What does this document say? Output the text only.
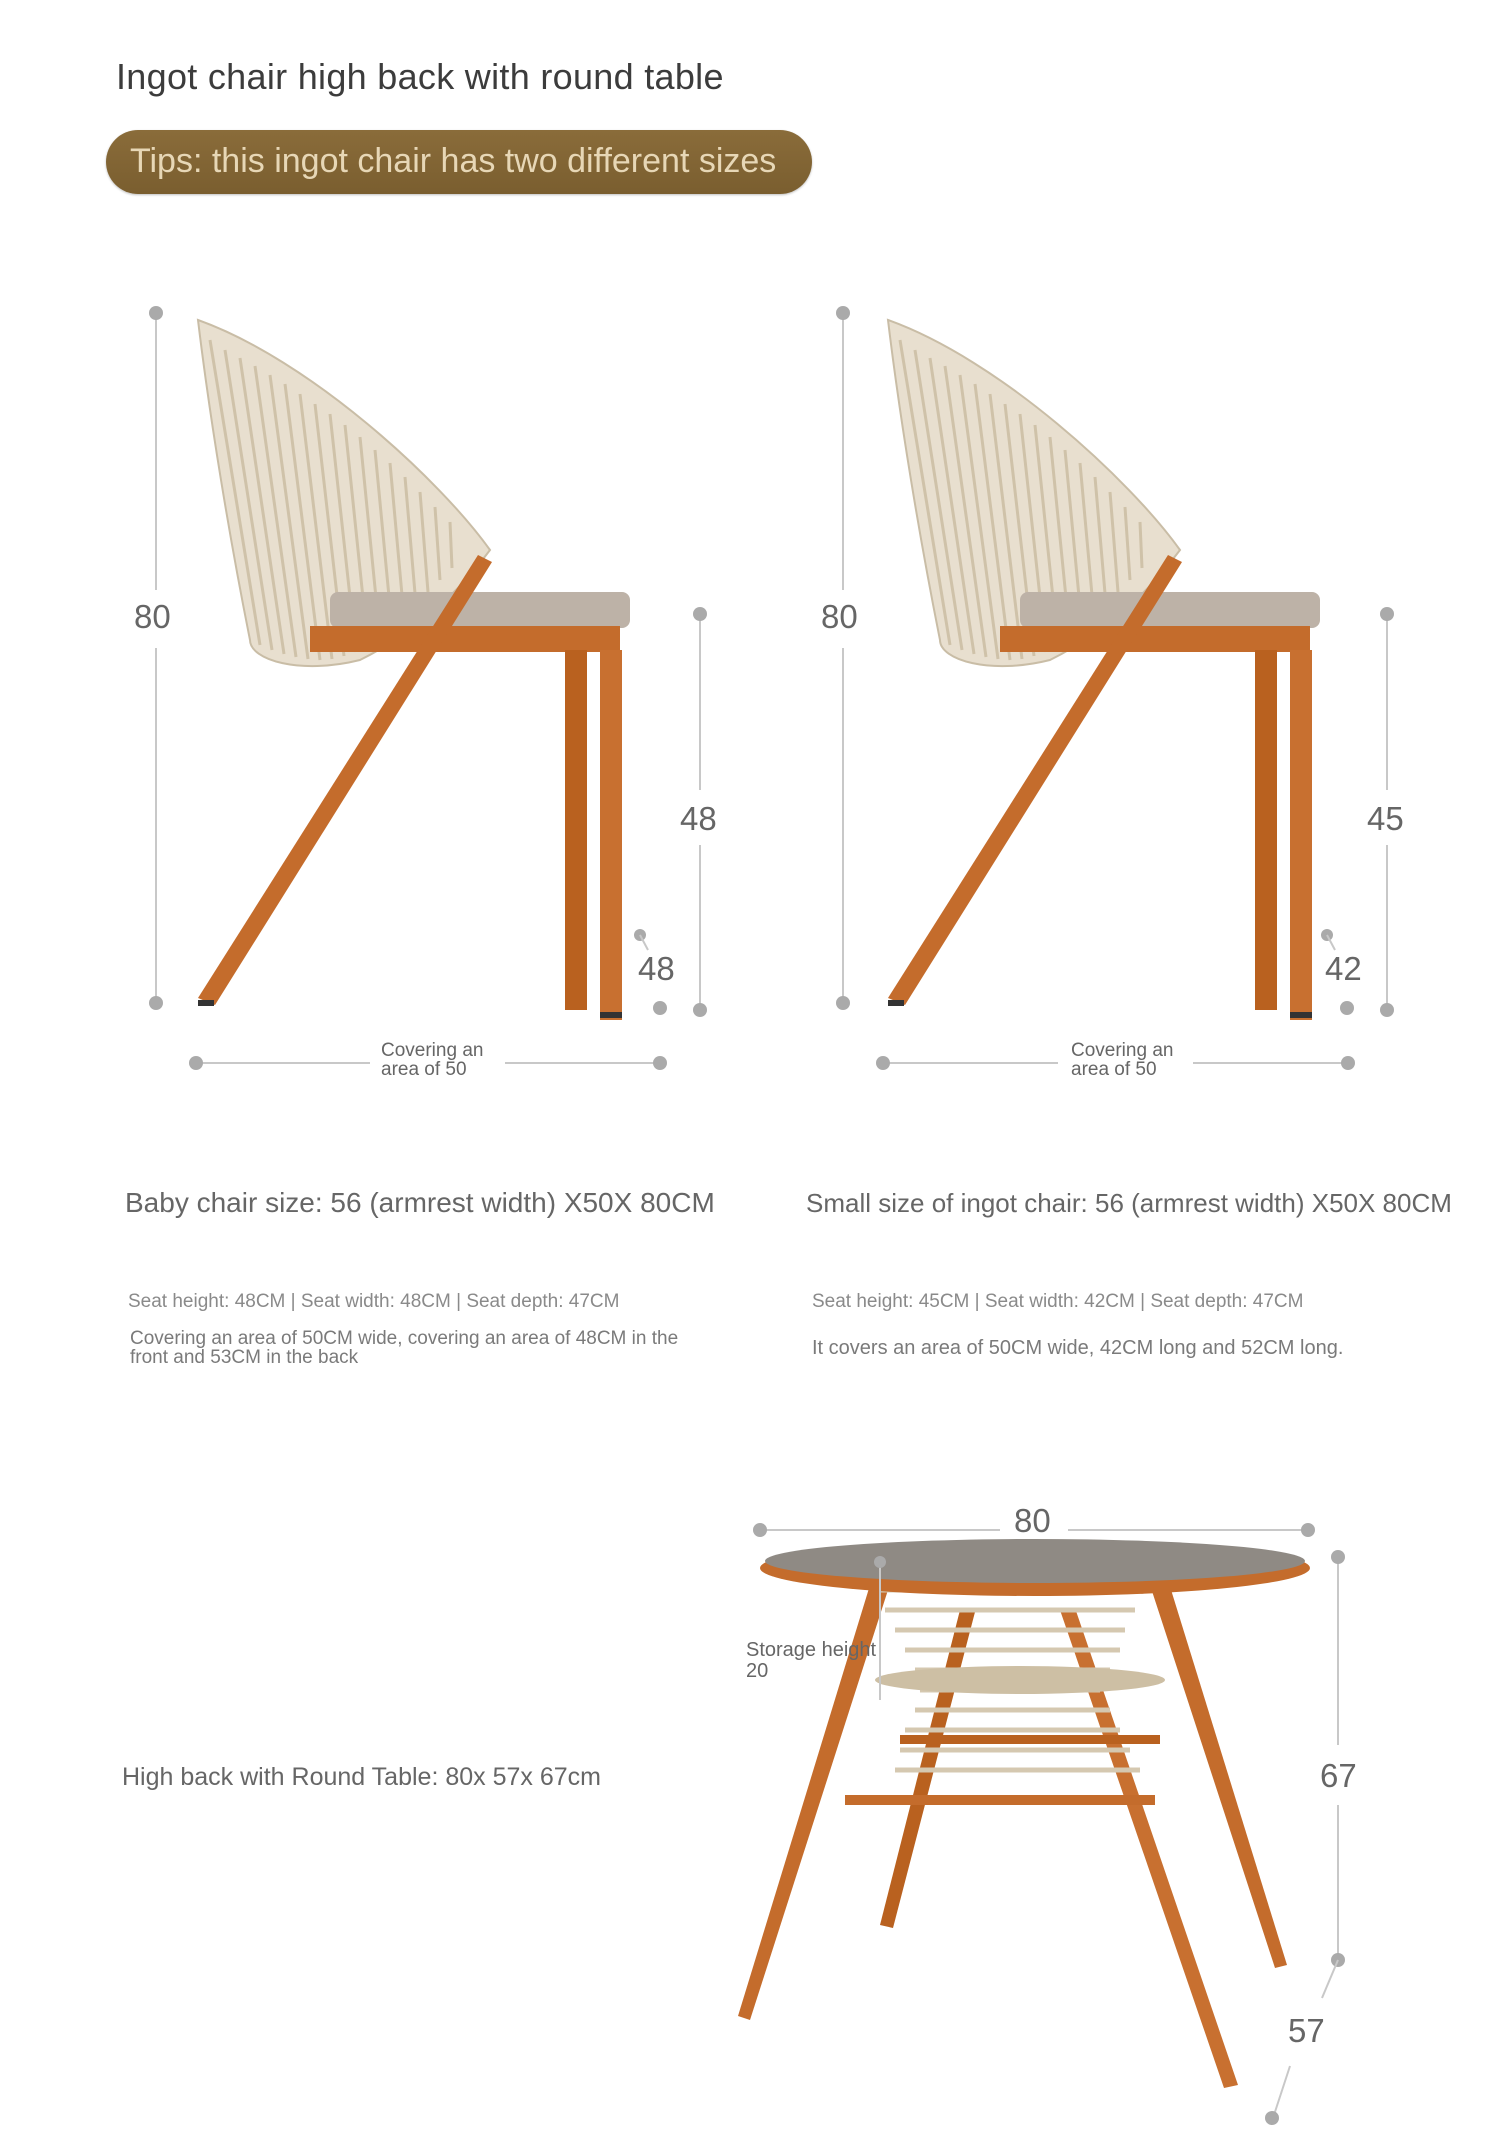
Ingot chair high back with round table
Tips: this ingot chair has two different sizes
80
48
48
Covering an area of 50
80
45
42
Covering an area of 50
Baby chair size: 56 (armrest width) X50X 80CM	Small size of ingot chair: 56 (armrest width) X50X 80CM
Seat height: 48CM | Seat width: 48CM | Seat depth: 47CM
Covering an area of 50CM wide, covering an area of 48CM in the front and 53CM in the back
Seat height: 45CM | Seat width: 42CM | Seat depth: 47CM
It covers an area of 50CM wide, 42CM long and 52CM long.
80
67
57
Storage height 20
High back with Round Table: 80x 57x 67cm
